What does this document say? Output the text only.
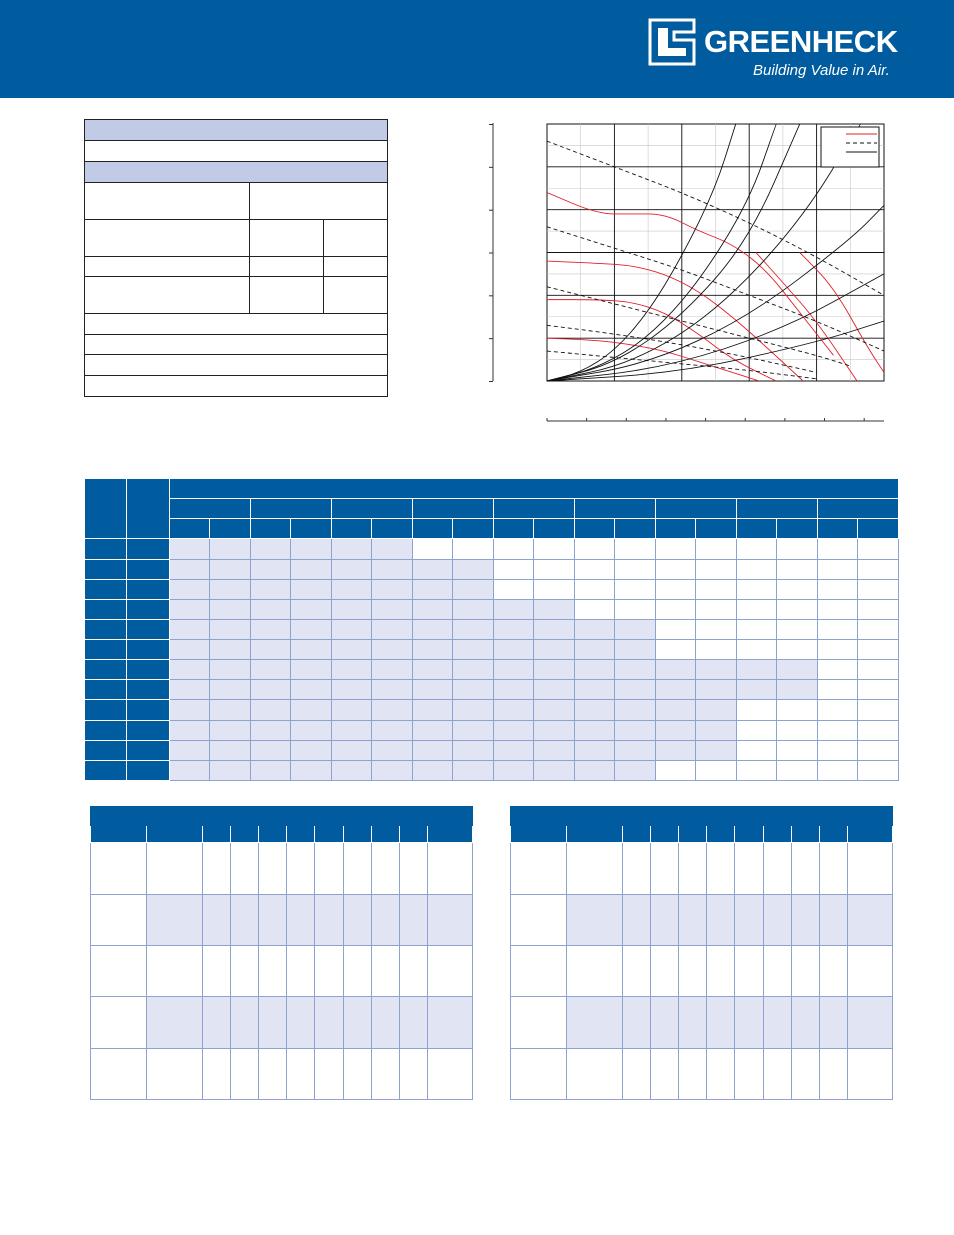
GREENHECK
Building Value in Air.
